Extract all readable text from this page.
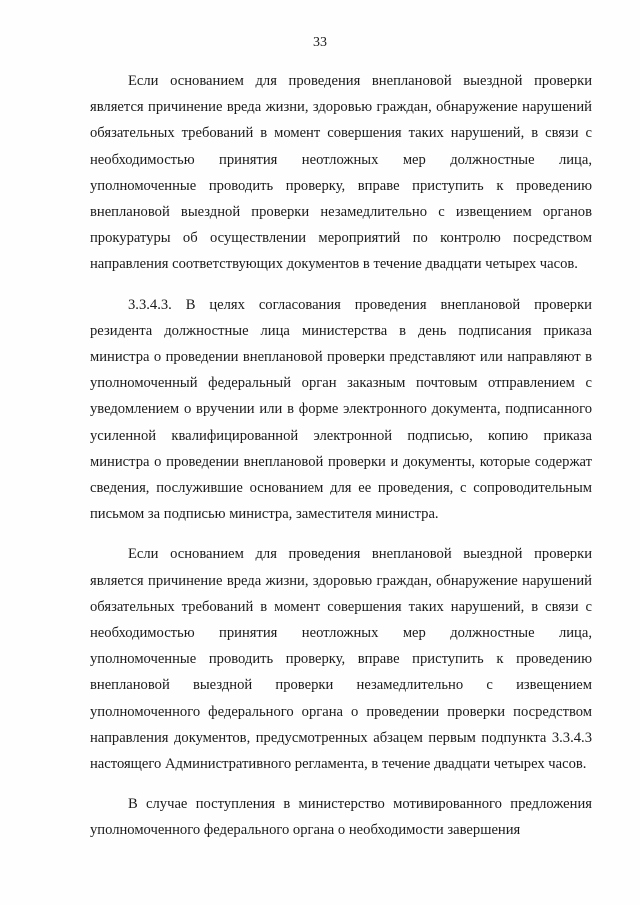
33

Если основанием для проведения внеплановой выездной проверки является причинение вреда жизни, здоровью граждан, обнаружение нарушений обязательных требований в момент совершения таких нарушений, в связи с необходимостью принятия неотложных мер должностные лица, уполномоченные проводить проверку, вправе приступить к проведению внеплановой выездной проверки незамедлительно с извещением органов прокуратуры об осуществлении мероприятий по контролю посредством направления соответствующих документов в течение двадцати четырех часов.

3.3.4.3. В целях согласования проведения внеплановой проверки резидента должностные лица министерства в день подписания приказа министра о проведении внеплановой проверки представляют или направляют в уполномоченный федеральный орган заказным почтовым отправлением с уведомлением о вручении или в форме электронного документа, подписанного усиленной квалифицированной электронной подписью, копию приказа министра о проведении внеплановой проверки и документы, которые содержат сведения, послужившие основанием для ее проведения, с сопроводительным письмом за подписью министра, заместителя министра.

Если основанием для проведения внеплановой выездной проверки является причинение вреда жизни, здоровью граждан, обнаружение нарушений обязательных требований в момент совершения таких нарушений, в связи с необходимостью принятия неотложных мер должностные лица, уполномоченные проводить проверку, вправе приступить к проведению внеплановой выездной проверки незамедлительно с извещением уполномоченного федерального органа о проведении проверки посредством направления документов, предусмотренных абзацем первым подпункта 3.3.4.3 настоящего Административного регламента, в течение двадцати четырех часов.

В случае поступления в министерство мотивированного предложения уполномоченного федерального органа о необходимости завершения
